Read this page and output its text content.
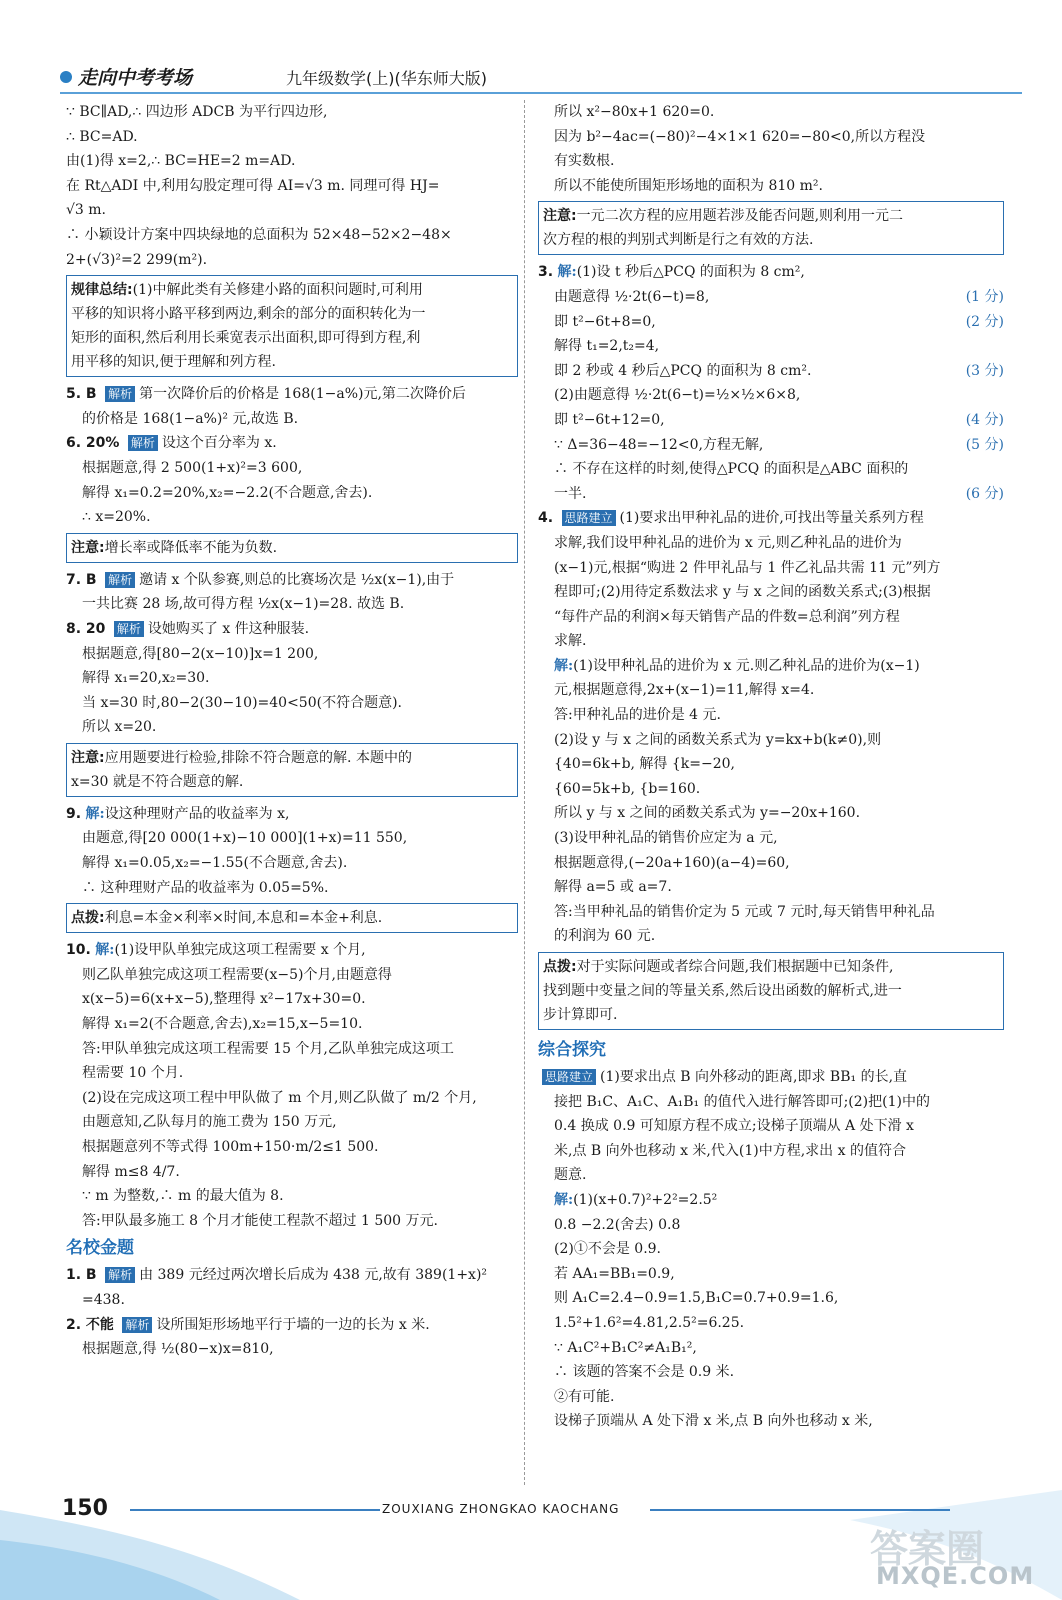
走向中考考场	九年级数学(上)(华东师大版)
∵ BC∥AD,∴ 四边形 ADCB 为平行四边形,
∴ BC=AD.
由(1)得 x=2,∴ BC=HE=2 m=AD.
在 Rt△ADI 中,利用勾股定理可得 AI=√3 m. 同理可得 HJ=
√3 m.
∴ 小颖设计方案中四块绿地的总面积为 52×48−52×2−48×
2+(√3)²=2 299(m²).
规律总结:(1)中解此类有关修建小路的面积问题时,可利用
平移的知识将小路平移到两边,剩余的部分的面积转化为一
矩形的面积,然后利用长乘宽表示出面积,即可得到方程,利
用平移的知识,便于理解和列方程.
5. B 解析 第一次降价后的价格是 168(1−a%)元,第二次降价后
的价格是 168(1−a%)² 元,故选 B.
6. 20% 解析 设这个百分率为 x.
根据题意,得 2 500(1+x)²=3 600,
解得 x₁=0.2=20%,x₂=−2.2(不合题意,舍去).
∴ x=20%.
注意:增长率或降低率不能为负数.
7. B 解析 邀请 x 个队参赛,则总的比赛场次是 ½x(x−1),由于
一共比赛 28 场,故可得方程 ½x(x−1)=28. 故选 B.
8. 20 解析 设她购买了 x 件这种服装.
根据题意,得[80−2(x−10)]x=1 200,
解得 x₁=20,x₂=30.
当 x=30 时,80−2(30−10)=40<50(不符合题意).
所以 x=20.
注意:应用题要进行检验,排除不符合题意的解. 本题中的
x=30 就是不符合题意的解.
9. 解:设这种理财产品的收益率为 x,
由题意,得[20 000(1+x)−10 000](1+x)=11 550,
解得 x₁=0.05,x₂=−1.55(不合题意,舍去).
∴ 这种理财产品的收益率为 0.05=5%.
点拨:利息=本金×利率×时间,本息和=本金+利息.
10. 解:(1)设甲队单独完成这项工程需要 x 个月,
则乙队单独完成这项工程需要(x−5)个月,由题意得
x(x−5)=6(x+x−5),整理得 x²−17x+30=0.
解得 x₁=2(不合题意,舍去),x₂=15,x−5=10.
答:甲队单独完成这项工程需要 15 个月,乙队单独完成这项工
程需要 10 个月.
(2)设在完成这项工程中甲队做了 m 个月,则乙队做了 m/2 个月,
由题意知,乙队每月的施工费为 150 万元,
根据题意列不等式得 100m+150·m/2≤1 500.
解得 m≤8 4/7.
∵ m 为整数,∴ m 的最大值为 8.
答:甲队最多施工 8 个月才能使工程款不超过 1 500 万元.
名校金题
1. B 解析 由 389 元经过两次增长后成为 438 元,故有 389(1+x)²
=438.
2. 不能 解析 设所围矩形场地平行于墙的一边的长为 x 米.
根据题意,得 ½(80−x)x=810,
所以 x²−80x+1 620=0.
因为 b²−4ac=(−80)²−4×1×1 620=−80<0,所以方程没
有实数根.
所以不能使所围矩形场地的面积为 810 m².
注意:一元二次方程的应用题若涉及能否问题,则利用一元二
次方程的根的判别式判断是行之有效的方法.
3. 解:(1)设 t 秒后△PCQ 的面积为 8 cm²,
(1 分)
由题意得 ½·2t(6−t)=8,
(2 分)
即 t²−6t+8=0,
解得 t₁=2,t₂=4,
(3 分)
即 2 秒或 4 秒后△PCQ 的面积为 8 cm².
(2)由题意得 ½·2t(6−t)=½×½×6×8,
(4 分)
即 t²−6t+12=0,
(5 分)
∵ Δ=36−48=−12<0,方程无解,
∴ 不存在这样的时刻,使得△PCQ 的面积是△ABC 面积的
(6 分)
一半.
4. 思路建立 (1)要求出甲种礼品的进价,可找出等量关系列方程
求解,我们设甲种礼品的进价为 x 元,则乙种礼品的进价为
(x−1)元,根据“购进 2 件甲礼品与 1 件乙礼品共需 11 元”列方
程即可;(2)用待定系数法求 y 与 x 之间的函数关系式;(3)根据
“每件产品的利润×每天销售产品的件数=总利润”列方程
求解.
解:(1)设甲种礼品的进价为 x 元.则乙种礼品的进价为(x−1)
元,根据题意得,2x+(x−1)=11,解得 x=4.
答:甲种礼品的进价是 4 元.
(2)设 y 与 x 之间的函数关系式为 y=kx+b(k≠0),则
{40=6k+b, 解得 {k=−20,
{60=5k+b, {b=160.
所以 y 与 x 之间的函数关系式为 y=−20x+160.
(3)设甲种礼品的销售价应定为 a 元,
根据题意得,(−20a+160)(a−4)=60,
解得 a=5 或 a=7.
答:当甲种礼品的销售价定为 5 元或 7 元时,每天销售甲种礼品
的利润为 60 元.
点拨:对于实际问题或者综合问题,我们根据题中已知条件,
找到题中变量之间的等量关系,然后设出函数的解析式,进一
步计算即可.
综合探究
思路建立 (1)要求出点 B 向外移动的距离,即求 BB₁ 的长,直
接把 B₁C、A₁C、A₁B₁ 的值代入进行解答即可;(2)把(1)中的
0.4 换成 0.9 可知原方程不成立;设梯子顶端从 A 处下滑 x
米,点 B 向外也移动 x 米,代入(1)中方程,求出 x 的值符合
题意.
解:(1)(x+0.7)²+2²=2.5²
0.8 −2.2(舍去) 0.8
(2)①不会是 0.9.
若 AA₁=BB₁=0.9,
则 A₁C=2.4−0.9=1.5,B₁C=0.7+0.9=1.6,
1.5²+1.6²=4.81,2.5²=6.25.
∵ A₁C²+B₁C²≠A₁B₁²,
∴ 该题的答案不会是 0.9 米.
②有可能.
设梯子顶端从 A 处下滑 x 米,点 B 向外也移动 x 米,
150	ZOUXIANG ZHONGKAO KAOCHANG
答案圈
MXQE.COM
